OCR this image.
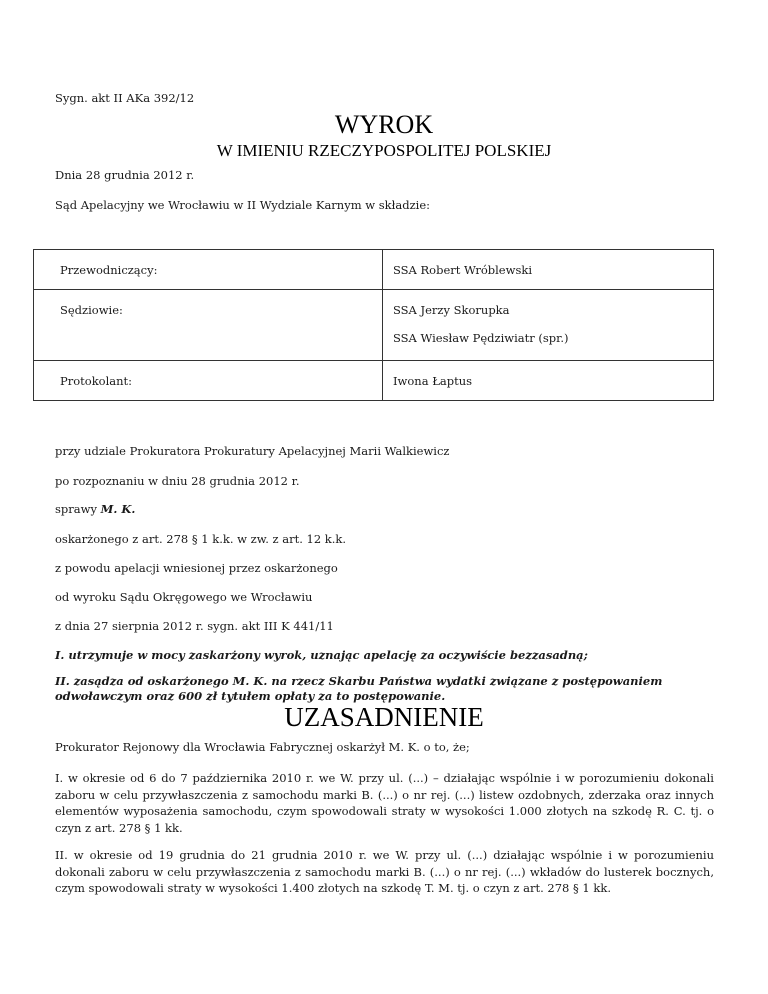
Sygn. akt II AKa 392/12
WYROK
W IMIENIU RZECZYPOSPOLITEJ POLSKIEJ
Dnia 28 grudnia 2012 r.
Sąd Apelacyjny we Wrocławiu w II Wydziale Karnym w składzie:
Przewodniczący:	SSA Robert Wróblewski

Sędziowie:	SSA Jerzy Skorupka
SSA Wiesław Pędziwiatr (spr.)

Protokolant:	Iwona Łaptus
przy udziale Prokuratora Prokuratury Apelacyjnej Marii Walkiewicz
po rozpoznaniu w dniu 28 grudnia 2012 r.
sprawy M. K.
oskarżonego z art. 278 § 1 k.k. w zw. z art. 12 k.k.
z powodu apelacji wniesionej przez oskarżonego
od wyroku Sądu Okręgowego we Wrocławiu
z dnia 27 sierpnia 2012 r. sygn. akt III K 441/11
I. utrzymuje w mocy zaskarżony wyrok, uznając apelację za oczywiście bezzasadną;
II. zasądza od oskarżonego M. K. na rzecz Skarbu Państwa wydatki związane z postępowaniem odwoławczym oraz 600 zł tytułem opłaty za to postępowanie.
UZASADNIENIE
Prokurator Rejonowy dla Wrocławia Fabrycznej oskarżył M. K. o to, że;
I. w okresie od 6 do 7 października 2010 r. we W. przy ul. (...) – działając wspólnie i w porozumieniu dokonali zaboru w celu przywłaszczenia z samochodu marki B. (...) o nr rej. (...) listew ozdobnych, zderzaka oraz innych elementów wyposażenia samochodu, czym spowodowali straty w wysokości 1.000 złotych na szkodę R. C. tj. o czyn z art. 278 § 1 kk.
II. w okresie od 19 grudnia do 21 grudnia 2010 r. we W. przy ul. (...) działając wspólnie i w porozumieniu dokonali zaboru w celu przywłaszczenia z samochodu marki B. (...) o nr rej. (...) wkładów do lusterek bocznych, czym spowodowali straty w wysokości 1.400 złotych na szkodę T. M. tj. o czyn z art. 278 § 1 kk.
